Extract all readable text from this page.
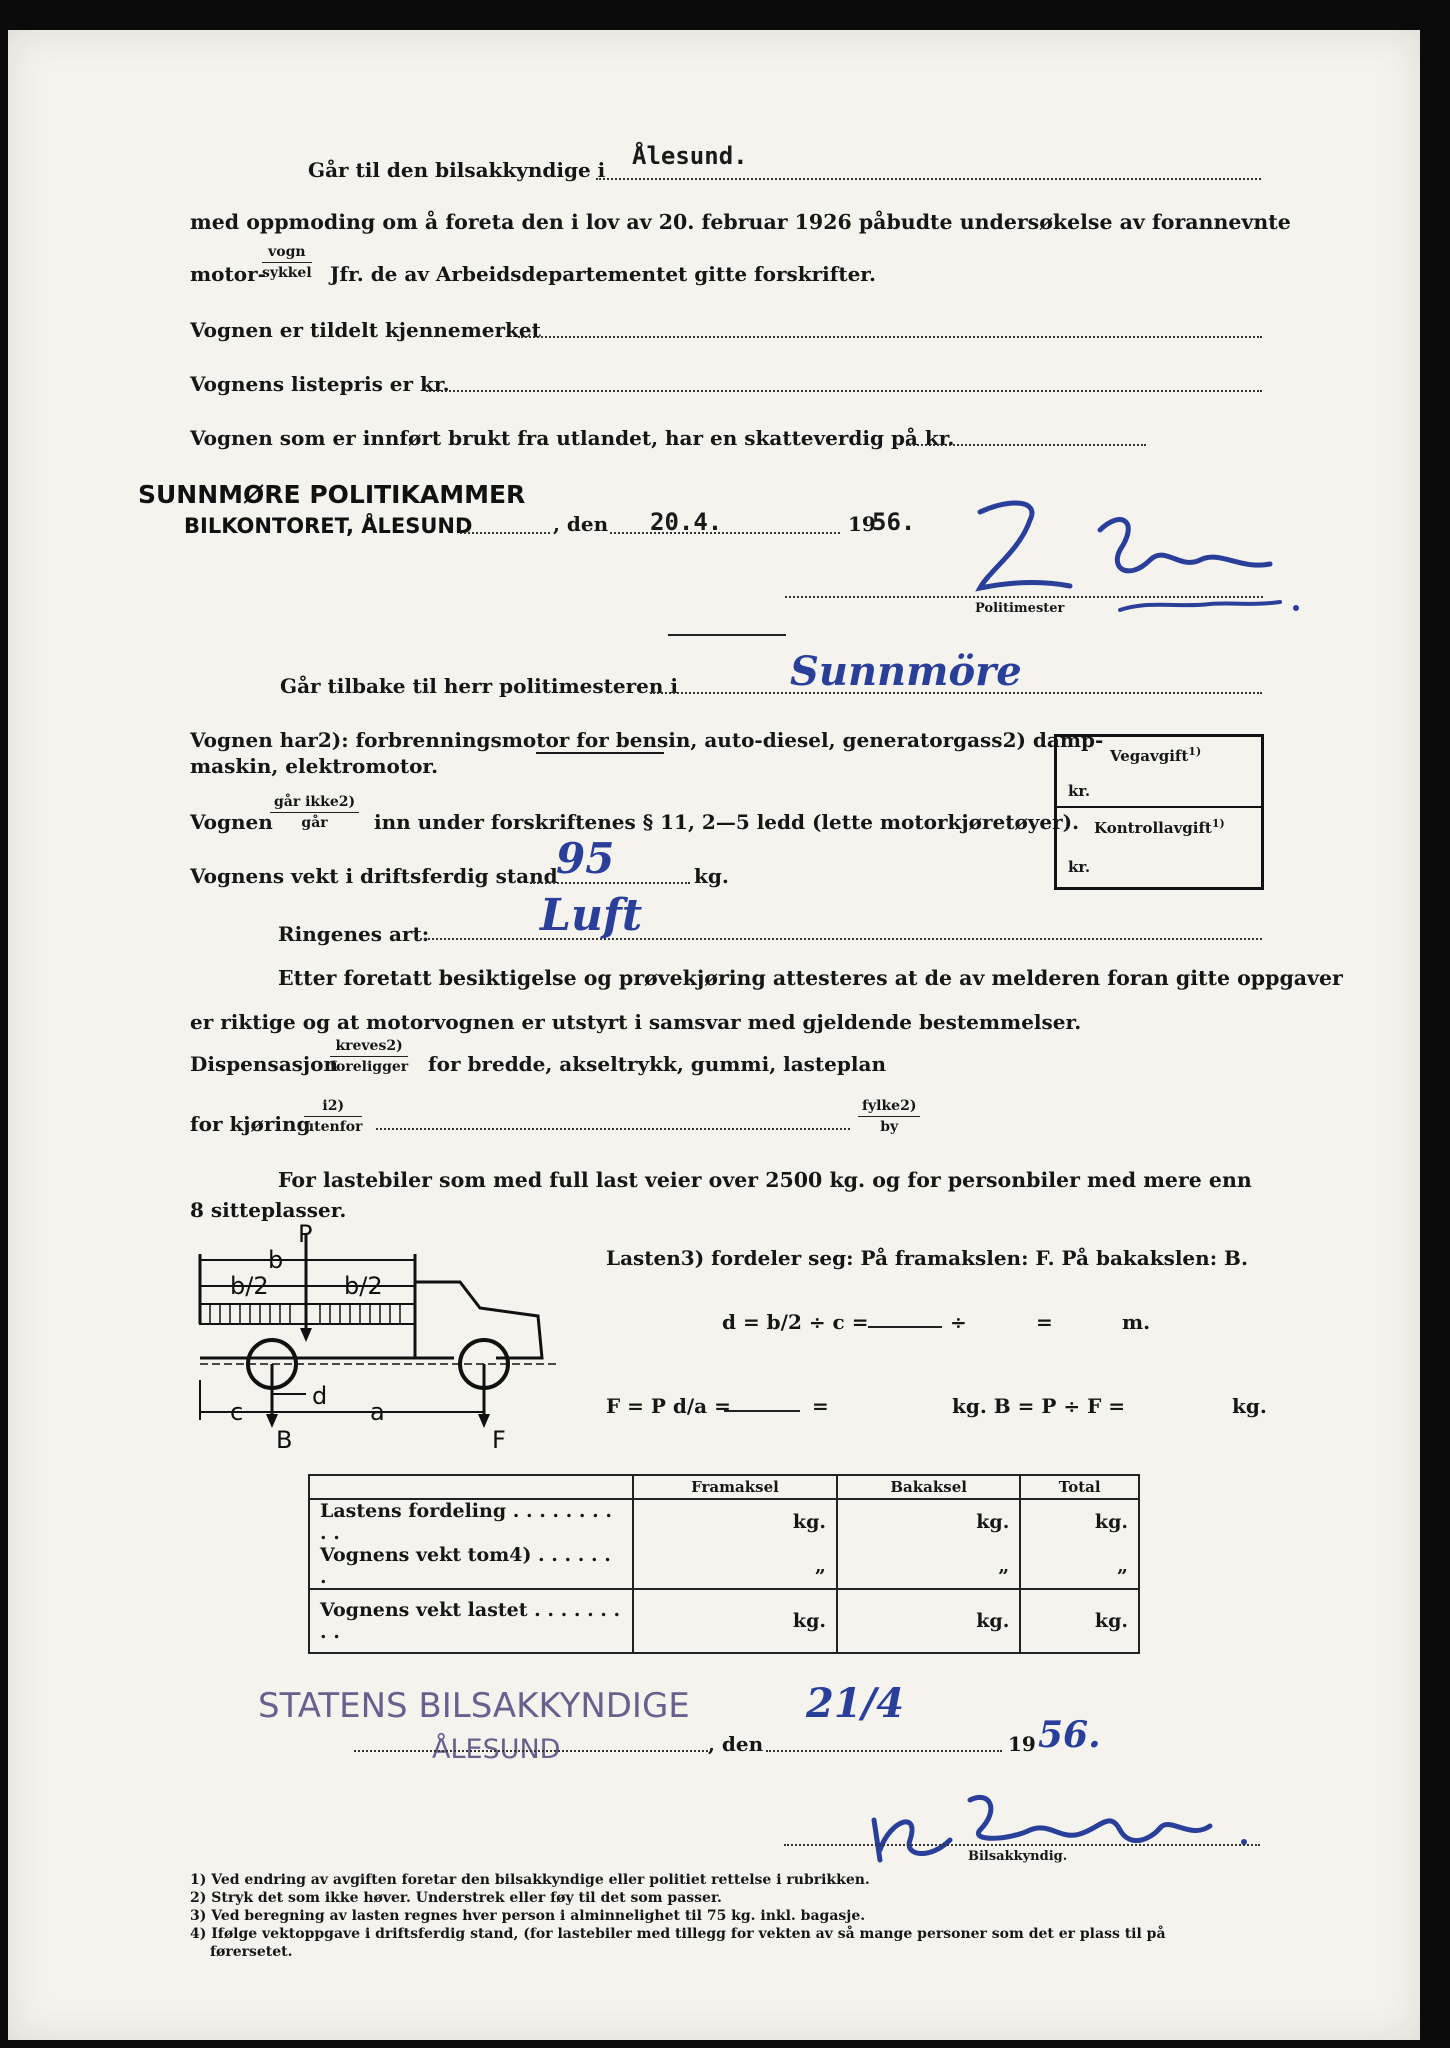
Går til den bilsakkyndige i Ålesund.
med oppmoding om å foreta den i lov av 20. februar 1926 påbudte undersøkelse av forannevnte
motor-
vogn
sykkel Jfr. de av Arbeidsdepartementet gitte forskrifter.
Vognen er tildelt kjennemerket
Vognens listepris er kr.
Vognen som er innført brukt fra utlandet, har en skatteverdig på kr.
SUNNMØRE POLITIKAMMER
BILKONTORET, ÅLESUND	, den 20.4.	19
56.
Politimester
Går tilbake til herr politimesteren i	Sunnmöre
Vognen har2): forbrenningsmotor for bensin, auto-diesel, generatorgass2) damp-
maskin, elektromotor.
Vognen
går ikke2)
går	inn under forskriftenes § 11, 2—5 ledd (lette motorkjøretøyer).
Vognens vekt i driftsferdig stand
95	kg.
Ringenes art:	Luft
Vegavgift$^{1)}$
kr.
Kontrollavgift$^{1)}$
kr.
Etter foretatt besiktigelse og prøvekjøring attesteres at de av melderen foran gitte oppgaver
er riktige og at motorvognen er utstyrt i samsvar med gjeldende bestemmelser.
Dispensasjon
kreves2)
foreligger for bredde, akseltrykk, gummi, lasteplan
for kjøring
i2)
utenfor
fylke2)
by
For lastebiler som med full last veier over 2500 kg. og for personbiler med mere enn
8 sitteplasser.
P
b
b/2	b/2
c
d
a
B	F
Lasten3) fordeler seg: På framakslen: F. På bakakslen: B.
d = b/2 ÷ c =	÷	=	m.
F = P d/a =	=	kg. B = P ÷ F =	kg.
	Framaksel	Bakaksel	Total
Lastens fordeling . . . . . . . . . .	kg.	kg.	kg.
Vognens vekt tom4) . . . . . . .	„	„	„
Vognens vekt lastet . . . . . . . . .	kg.	kg.	kg.
STATENS BILSAKKYNDIGE
ÅLESUND	, den
21/4
19 56.
Bilsakkyndig.
1) Ved endring av avgiften foretar den bilsakkyndige eller politiet rettelse i rubrikken.
2) Stryk det som ikke høver. Understrek eller føy til det som passer.
3) Ved beregning av lasten regnes hver person i alminnelighet til 75 kg. inkl. bagasje.
4) Ifølge vektoppgave i driftsferdig stand, (for lastebiler med tillegg for vekten av så mange personer som det er plass til på
førersetet.
